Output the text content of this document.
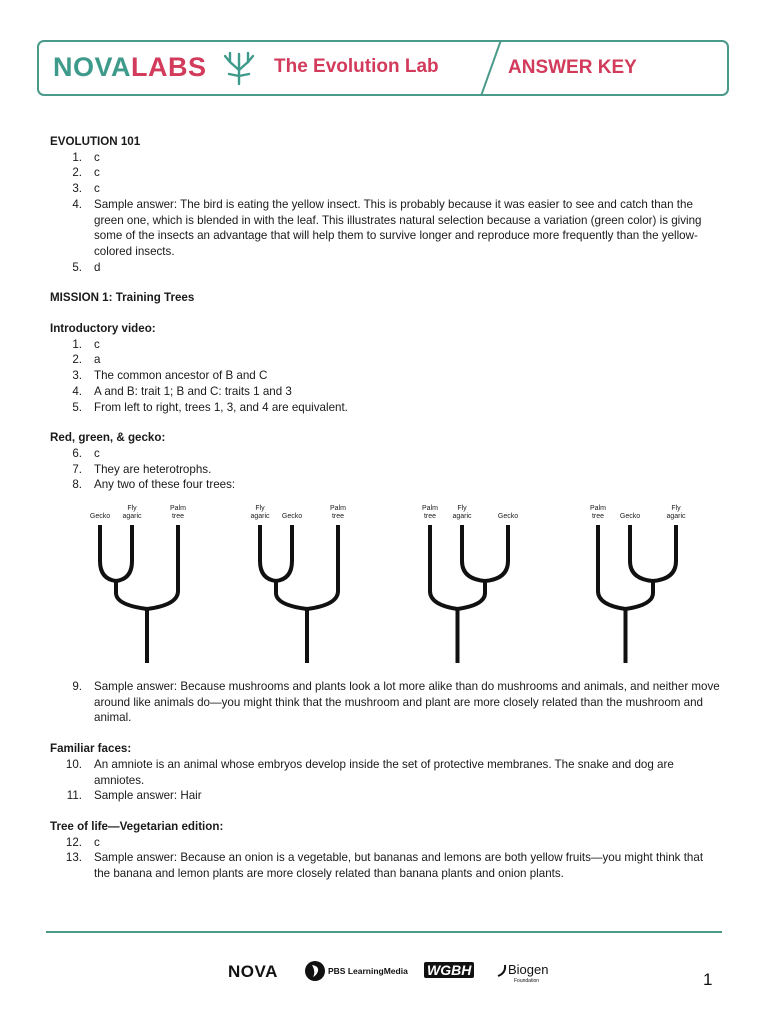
NOVALABS	The Evolution Lab	ANSWER KEY

EVOLUTION 101

1. c
2. c
3. c
4. Sample answer: The bird is eating the yellow insect. This is probably because it was easier to see and catch than the green one, which is blended in with the leaf. This illustrates natural selection because a variation (green color) is giving some of the insects an advantage that will help them to survive longer and reproduce more frequently than the yellow-colored insects.
5. d

MISSION 1: Training Trees

Introductory video:

1. c
2. a
3. The common ancestor of B and C
4. A and B: trait 1; B and C: traits 1 and 3
5. From left to right, trees 1, 3, and 4 are equivalent.

Red, green, & gecko:

6. c
7. They are heterotrophs.
8. Any two of these four trees:
Gecko
Fly
agaric
Palm
tree
Fly
agaric	Gecko
Palm
tree
Palm
tree
Fly
agaric	Gecko
Palm
tree	Gecko
Fly
agaric
9. Sample answer: Because mushrooms and plants look a lot more alike than do mushrooms and animals, and neither move around like animals do—you might think that the mushroom and plant are more closely related than the mushroom and animal.

Familiar faces:

10. An amniote is an animal whose embryos develop inside the set of protective membranes. The snake and dog are amniotes.
11. Sample answer: Hair

Tree of life—Vegetarian edition:

12. c
13. Sample answer: Because an onion is a vegetable, but bananas and lemons are both yellow fruits—you might think that the banana and lemon plants are more closely related than banana plants and onion plants.
NOVA	PBS LearningMedia WGBH	Biogen
Foundation	1
